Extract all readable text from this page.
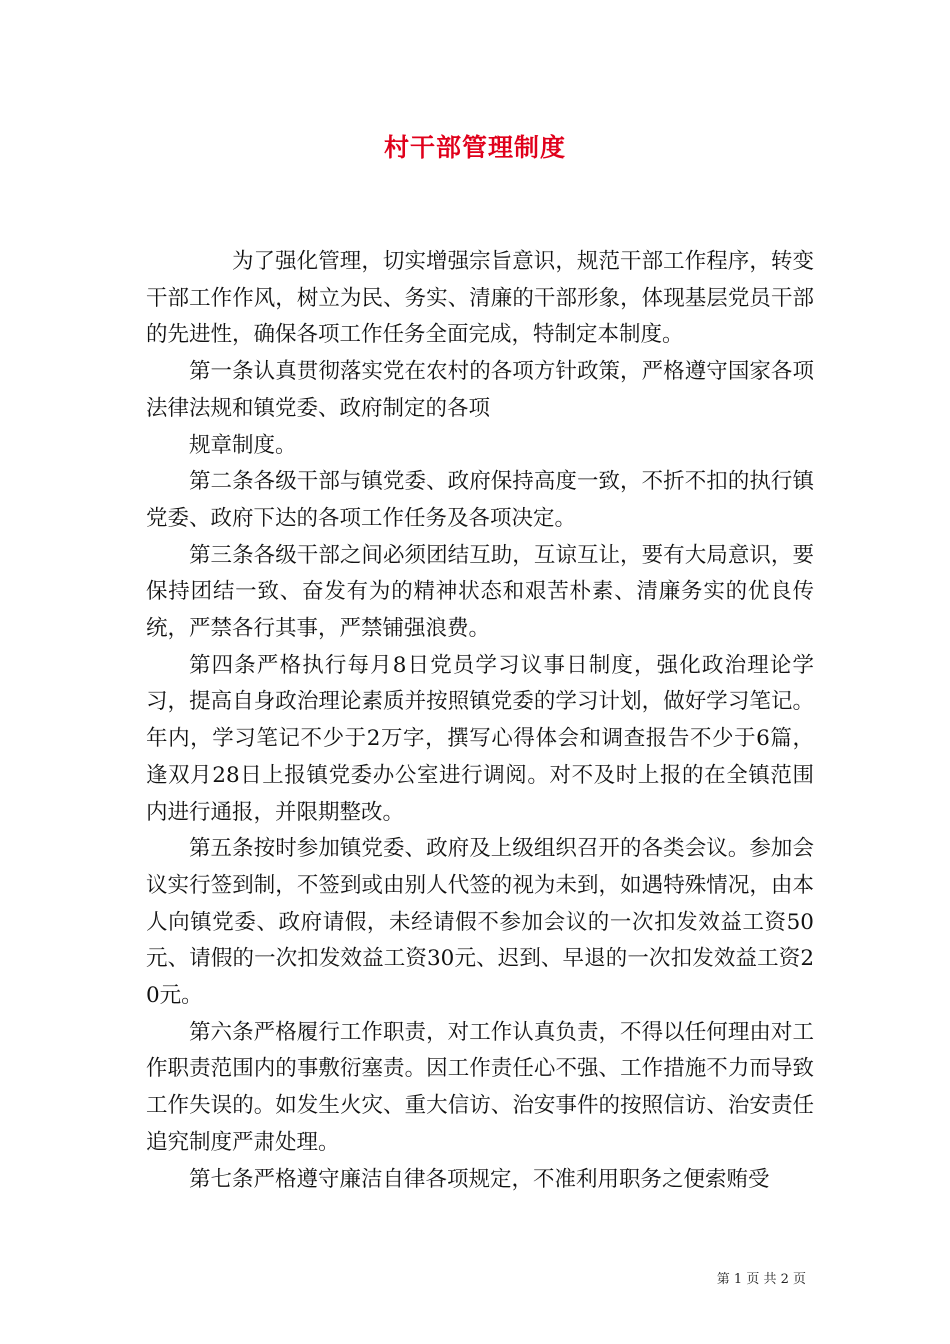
村干部管理制度

为了强化管理，切实增强宗旨意识，规范干部工作程序，转变干部工作作风，树立为民、务实、清廉的干部形象，体现基层党员干部的先进性，确保各项工作任务全面完成，特制定本制度。

第一条认真贯彻落实党在农村的各项方针政策，严格遵守国家各项法律法规和镇党委、政府制定的各项

规章制度。

第二条各级干部与镇党委、政府保持高度一致，不折不扣的执行镇党委、政府下达的各项工作任务及各项决定。

第三条各级干部之间必须团结互助，互谅互让，要有大局意识，要保持团结一致、奋发有为的精神状态和艰苦朴素、清廉务实的优良传统，严禁各行其事，严禁铺强浪费。

第四条严格执行每月8日党员学习议事日制度，强化政治理论学习，提高自身政治理论素质并按照镇党委的学习计划，做好学习笔记。年内，学习笔记不少于2万字，撰写心得体会和调查报告不少于6篇，逢双月28日上报镇党委办公室进行调阅。对不及时上报的在全镇范围内进行通报，并限期整改。

第五条按时参加镇党委、政府及上级组织召开的各类会议。参加会议实行签到制，不签到或由别人代签的视为未到，如遇特殊情况，由本人向镇党委、政府请假，未经请假不参加会议的一次扣发效益工资50元、请假的一次扣发效益工资30元、迟到、早退的一次扣发效益工资20元。

第六条严格履行工作职责，对工作认真负责，不得以任何理由对工作职责范围内的事敷衍塞责。因工作责任心不强、工作措施不力而导致工作失误的。如发生火灾、重大信访、治安事件的按照信访、治安责任追究制度严肃处理。

第七条严格遵守廉洁自律各项规定，不准利用职务之便索贿受

第 1 页 共 2 页
